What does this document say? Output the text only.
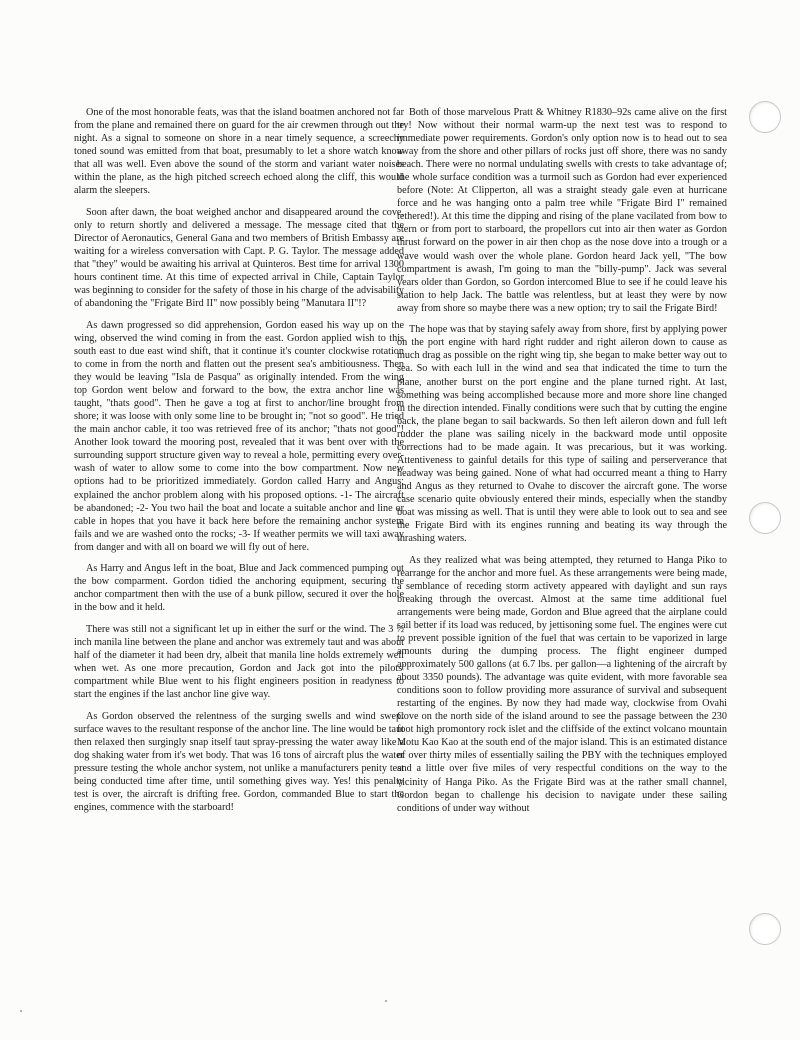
One of the most honorable feats, was that the island boatmen anchored not far from the plane and remained there on guard for the air crewmen through out the night. As a signal to someone on shore in a near timely sequence, a screechy toned sound was emitted from that boat, presumably to let a shore watch know that all was well. Even above the sound of the storm and variant water noises within the plane, as the high pitched screech echoed along the cliff, this would alarm the sleepers.

Soon after dawn, the boat weighed anchor and disappeared around the cove, only to return shortly and delivered a message. The message cited that the Director of Aeronautics, General Gana and two members of British Embassy are waiting for a wireless conversation with Capt. P. G. Taylor. The message added that "they" would be awaiting his arrival at Quinteros. Best time for arrival 1300 hours continent time. At this time of expected arrival in Chile, Captain Taylor was beginning to consider for the safety of those in his charge of the advisability of abandoning the "Frigate Bird II" now possibly being "Manutara II"!?

As dawn progressed so did apprehension, Gordon eased his way up on the wing, observed the wind coming in from the east. Gordon applied wish to this south east to due east wind shift, that it continue it's counter clockwise rotation to come in from the north and flatten out the present sea's ambitiousness. Then they would be leaving "Isla de Pasqua" as originally intended. From the wing top Gordon went below and forward to the bow, the extra anchor line was taught, "thats good". Then he gave a tog at first to anchor/line brought from shore; it was loose with only some line to be brought in; "not so good". He tried the main anchor cable, it too was retrieved free of its anchor; "thats not good"! Another look toward the mooring post, revealed that it was bent over with the surrounding support structure given way to reveal a hole, permitting every over-wash of water to allow some to come into the bow compartment. Now new options had to be prioritized immediately. Gordon called Harry and Angus; explained the anchor problem along with his proposed options. -1- The aircraft be abandoned; -2- You two hail the boat and locate a suitable anchor and line or cable in hopes that you have it back here before the remaining anchor system fails and we are washed onto the rocks; -3- If weather permits we will taxi away from danger and with all on board we will fly out of here.

As Harry and Angus left in the boat, Blue and Jack commenced pumping out the bow comparment. Gordon tidied the anchoring equipment, securing the anchor compartment then with the use of a bunk pillow, secured it over the hole in the bow and it held.

There was still not a significant let up in either the surf or the wind. The 3 ½ inch manila line between the plane and anchor was extremely taut and was about half of the diameter it had been dry, albeit that manila line holds extremely well when wet. As one more precaution, Gordon and Jack got into the pilots' compartment while Blue went to his flight engineers position in readyness to start the engines if the last anchor line give way.

As Gordon observed the relentness of the surging swells and wind swept surface waves to the resultant response of the anchor line. The line would be taut then relaxed then surgingly snap itself taut spray-pressing the water away like a dog shaking water from it's wet body. That was 16 tons of aircraft plus the water pressure testing the whole anchor system, not unlike a manufacturers penity test being conducted time after time, until something gives way. Yes! this penalty test is over, the aircraft is drifting free. Gordon, commanded Blue to start the engines, commence with the starboard!

Both of those marvelous Pratt & Whitney R1830–92s came alive on the first try! Now without their normal warm-up the next test was to respond to immediate power requirements. Gordon's only option now is to head out to sea away from the shore and other pillars of rocks just off shore, there was no sandy beach. There were no normal undulating swells with crests to take advantage of; the whole surface condition was a turmoil such as Gordon had ever experienced before (Note: At Clipperton, all was a straight steady gale even at hurricane force and he was hanging onto a palm tree while "Frigate Bird I" remained tethered!). At this time the dipping and rising of the plane vacilated from bow to stern or from port to starboard, the propellors cut into air then water as Gordon thrust forward on the power in air then chop as the nose dove into a trough or a wave would wash over the whole plane. Gordon heard Jack yell, "The bow compartment is awash, I'm going to man the "billy-pump". Jack was several years older than Gordon, so Gordon intercomed Blue to see if he could leave his station to help Jack. The battle was relentless, but at least they were by now away from shore so maybe there was a new option; try to sail the Frigate Bird!

The hope was that by staying safely away from shore, first by applying power on the port engine with hard right rudder and right aileron down to cause as much drag as possible on the right wing tip, she began to make better way out to sea. So with each lull in the wind and sea that indicated the time to turn the plane, another burst on the port engine and the plane turned right. At last, something was being accomplished because more and more shore line changed in the direction intended. Finally conditions were such that by cutting the engine back, the plane began to sail backwards. So then left aileron down and full left rudder the plane was sailing nicely in the backward mode until opposite corrections had to be made again. It was precarious, but it was working. Attentiveness to gainful details for this type of sailing and perserverance that headway was being gained. None of what had occurred meant a thing to Harry and Angus as they returned to Ovahe to discover the aircraft gone. The worse case scenario quite obviously entered their minds, especially when the standby boat was missing as well. That is until they were able to look out to sea and see the Frigate Bird with its engines running and beating its way through the thrashing waters.

As they realized what was being attempted, they returned to Hanga Piko to rearrange for the anchor and more fuel. As these arrangements were being made, a semblance of receding storm activety appeared with daylight and sun rays breaking through the overcast. Almost at the same time additional fuel arrangements were being made, Gordon and Blue agreed that the airplane could sail better if its load was reduced, by jettisoning some fuel. The engines were cut to prevent possible ignition of the fuel that was certain to be vaporized in large amounts during the dumping process. The flight engineer dumped approximately 500 gallons (at 6.7 lbs. per gallon—a lightening of the aircraft by about 3350 pounds). The advantage was quite evident, with more favorable sea conditions soon to follow providing more assurance of survival and subsequent restarting of the engines. By now they had made way, clockwise from Ovahi Cove on the north side of the island around to see the passage between the 230 foot high promontory rock islet and the cliffside of the extinct volcano mountain Motu Kao Kao at the south end of the major island. This is an estimated distance of over thirty miles of essentially sailing the PBY with the techniques employed and a little over five miles of very respectful conditions on the way to the vicinity of Hanga Piko. As the Frigate Bird was at the rather small channel, Gordon began to challenge his decision to navigate under these sailing conditions of under way without
